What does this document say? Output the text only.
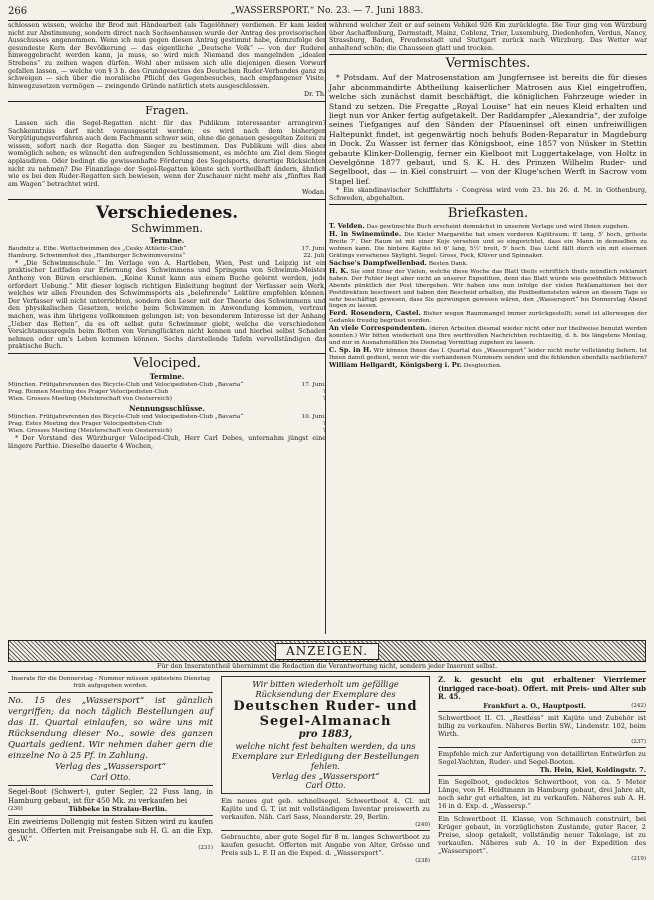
266	„WASSERSPORT.“ No. 23. — 7. Juni 1883.

schlossen wissen, welche ihr Brod mit Händearbeit (als Tagelöhner) verdienen. Er kam leider nicht zur Abstimmung, sondern direct nach Sachsenhausen wurde der Antrag des provisorischen Ausschusses angenommen. Wenn ich nun gegen diesen Antrag gestimmt habe, demzufolge der gesundeste Kern der Bevölkerung — das eigentliche „Deutsche Volk“ — von der Ruderei hinweggebracht werden kann, ja muss, so wird mich Niemand des mangelnden „idealen Strebens“ zu zeihen wagen dürfen. Wohl aber müssen sich alle diejenigen diesen Vorwurf gefallen lassen, — welche von § 3 b. des Grundgesetzes des Deutschen Ruder-Verbandes ganz zu schweigen — sich über die moralische Pflicht des Gegenbesuches, nach empfangener Visite, hinwegzusetzen vermögen — zwingende Gründe natürlich stets ausgeschlossen.

Dr. Th.
Fragen.

Lassen sich die Segel-Regatten nicht für das Publikum interessanter arrangiren? Sachkenntniss darf nicht vorausgesetzt werden; es wird nach dem bisherigen Vergütigungsverfahren auch dem Fachmann schwer sein, ohne die genauen gesegelten Zeiten zu wissen, sofort nach der Regatta den Sieger zu bestimmen. Das Publikum will dies aber womöglich sehen; es wünscht den aufregenden Schlussmoment, es möchte am Ziel dem Sieger applaudiren. Oder bedingt die gewissenhafte Förderung des Segelsports, derartige Rücksichten nicht zu nehmen? Die Finanzlage der Segel-Regatten könnte sich vortheilhaft ändern, ähnlich wie es bei den Ruder-Regatten sich bewiesen, wenn der Zuschauer nicht mehr als „fünftes Rad am Wagen“ betrachtet wird.

Wodan.
Verschiedenes.
Schwimmen.
Termine.
Baudnitz a. Elbe. Wettschwimmen des „Cesky Athletic-Club“	17. Juni.
Hamburg. Schwimmfest des „Hamburger Schwimmvereins“	22. Juli.

* „Die Schwimmschule.“ Im Verlage von A. Hartleben, Wien, Pest und Leipzig ist ein praktischer Leitfaden zur Erlernung des Schwimmens und Springens von Schwimm-Meister Anthony von Büren erschienen. „Keine Kunst kann aus einem Buche gelernt werden, jede erfordert Uebung.“ Mit dieser logisch richtigen Einleitung beginnt der Verfasser sein Werk, welches wir allen Freunden des Schwimmsports als „belehrende“ Lektüre empfehlen können. Der Verfasser will nicht unterrichten, sondern den Leser mit der Theorie des Schwimmens und den physikalischen Gesetzen, welche beim Schwimmen in Anwendung kommen, vertraut machen, was ihm übrigens vollkommen gelungen ist; von besonderem Interesse ist der Anhang „Ueber das Retten“, da es oft selbst gute Schwimmer giebt, welche die verschiedenen Vorsichtsmassregeln beim Retten von Verunglückten nicht kennen und hierbei selbst Schaden nehmen oder um's Leben kommen können. Sechs darstellende Tafeln vervollständigen das praktische Buch.

Velociped.
Termine.
München. Frühjahrsrennen des Bicycle-Club und Velocipedisten-Club „Bavaria“	17. Juni.
Prag. Rennen Meeting des Prager Velocipedisten-Club	?
Wien. Grosses Meeting (Meisterschaft von Oesterreich)	?
Nennungsschlüsse.
München. Frühjahrsrennen des Bicycle-Club und Velocipedisten-Club „Bavaria“	10. Juni.
Prag. Estes Meeting des Prager Velocipedisten-Club	?
Wien. Grosses Meeting (Meisterschaft von Oesterreich)	?

* Der Vorstand des Würzburger Velociped-Club, Herr Carl Debes, unternahm jüngst eine längere Parthie. Dieselbe dauerte 4 Wochen,

während welcher Zeit er auf seinem Vehikel 926 Km zurücklegte. Die Tour ging von Würzburg über Aschaffenburg, Darmstadt, Mainz, Coblenz, Trier, Luxemburg, Diedenhofen, Verdun, Nancy, Strassburg, Baden, Freudenstadt und Stuttgart zurück nach Würzburg. Das Wetter war anhaltend schön; die Chausseen glatt und trocken.

Vermischtes.

* Potsdam. Auf der Matrosenstation am Jungfernsee ist bereits die für dieses Jahr abcommandirte Abtheilung kaiserlicher Matrosen aus Kiel eingetroffen, welche sich zunächst damit beschäftigt, die königlichen Fahrzeuge wieder in Stand zu setzen. Die Fregatte „Royal Louise“ hat ein neues Kleid erhalten und liegt nun vor Anker fertig aufgetakelt. Der Raddampfer „Alexandria“, der zufolge seines Tiefganges auf den Sänden der Pfaueninsel oft einen unfreiwilligen Haltepunkt findet, ist gegenwärtig noch behufs Boden-Reparatur in Magdeburg in Dock. Zu Wasser ist ferner das Königsboot, eine 1857 von Nüsker in Stettin gebaute Klinker-Dollengig, ferner ein Kielboot mit Luggertakelage, von Holtz in Oevelgönne 1877 gebaut, und S. K. H. des Prinzen Wilhelm Ruder- und Segelboot, das — in Kiel construirt — von der Kluge'schen Werft in Sacrow vom Stapel lief.

* Ein skandinavischer Schifffahrts - Congress wird vom 23. bis 26. d. M. in Gothenburg, Schweden, abgehalten.

Briefkasten.
T. Velden. Das gewünschte Buch erscheint demnächst in unserem Verlage und wird Ihnen zugehen.
H. in Swinemünde. Die Kieler Margarethe hat einen vorderen Kajütraum; 8' lang, 5' hoch, grösste Breite 7'. Der Raum ist mit einer Koje versehen und so eingerichtet, dass ein Mann in demselben zu wohnen kann. Die hintere Kajüte ist 6' lang, 5½' breit, 5' hoch. Das Licht fällt durch ein mit eisernen Grätings versehenes Skylight. Segel: Gross, Fock, Klüver und Spinnaker.
Sachse's Dampfwellenbad. Besten Dank.
H. K. Sie sind Einer der Vielen, welche diese Woche das Blatt theils schriftlich theils mündlich reklamirt haben. Der Fehler liegt aber nicht an unserer Expedition, denn das Blatt wurde wie gewöhnlich Mittwoch Abends pünktlich der Post übergeben. Wir haben uns nun infolge der vielen Reklamationen bei der Postdirektion beschwert und haben den Bescheid erhalten, die Postbediensteten wären an diesem Tage so sehr beschäftigt gewesen, dass Sie gezwungen gewesen wären, den „Wassersport“ bis Donnerstag Abend liegen zu lassen.
Ferd. Rosendorn, Castel. Bisher wegen Raummangel immer zurückgestellt; sonst ist allerwegen der Gedanke freudig begrüsst worden.
An viele Correspondenten. (deren Arbeiten diesmal wieder nicht oder nur theilweise benutzt werden konnten.) Wir bitten wiederholt uns Ihre werthvollen Nachrichten rechtzeitig, d. h. bis längstens Montag, und nur in Ausnahmsfällen bis Dienstag Vormittag zugehen zu lassen.
C. Sp. in H. Wir können Ihnen das I. Quartal des „Wassersport“ leider nicht mehr vollständig liefern. Ist Ihnen damit gedient, wenn wir die vorhandenen Nummern senden und die fehlenden ebenfalls nachliefern?
William Hellgardt, Königsberg i. Pr. Desgleichen.
ANZEIGEN.
Für den Inseratentheil übernimmt die Redaction die Verantwortung nicht, sondern jeder Inserent selbst.
Inserate für die Donnerstag - Nummer müssen spätestens Dienstag früh aufgegeben werden.
No. 15 des „Wassersport“ ist gänzlich vergriffen; da noch täglich Bestellungen auf das II. Quartal einlaufen, so wäre uns mit Rücksendung dieser No., sowie des ganzen Quartals gedient. Wir nehmen daher gern die einzelne No à 25 Pf. in Zahlung.
Verlag des „Wassersport“
Carl Otto.
Segel-Boot (Schwert-), guter Segler, 22 Fuss lang, in Hamburg gebaut, ist für 450 Mk. zu verkaufen bei
(230)	Tübbeke in Stralau-Berlin.
Ein zweiriems Dollengig mit festen Sitzen wird zu kaufen gesucht. Offerten mit Preisangabe sub H. G. an die Exp. d. „W.“
(231)
Wir bitten wiederholt um gefällige Rücksendung der Exemplare des
Deutschen Ruder- und Segel-Almanach
pro 1883,
welche nicht fest behalten werden, da uns Exemplare zur Erledigung der Bestellungen fehlen.
Verlag des „Wassersport“
Carl Otto.
Ein neues gut geb. schnellsegel. Schwertboot 4. Cl. mit Kajüte und G. T. ist mit vollständigem Inventar preiswerth zu verkaufen. Näh. Carl Sass, Neanderstr. 29, Berlin.
(240)
Gebrauchte, aber gute Segel für 8 m. langes Schwertboot zu kaufen gesucht. Offerten mit Angabe von Alter, Grösse und Preis sub L. F. II an die Exped. d. „Wassersport“.
(238)
Z. k. gesucht ein gut erhaltener Vierriemer (inrigged race-boat). Offert. mit Preis- und Alter sub R. 45.
Frankfurt a. O., Hauptpostl.	(242)
Schwertboot II. Cl. „Restless“ mit Kajüte und Zubehör ist billig zu verkaufen. Näheres Berlin SW., Lindenstr. 102, beim Wirth.
(237)
Empfehle mich zur Anfertigung von detaillirten Entwürfen zu Segel-Yachten, Ruder- und Segel-Booten.
Th. Hein, Kiel, Koldingstr. 7.
Ein Segelboot, gedecktes Schwertboot, von ca. 5 Meter Länge, von H. Heidtmann in Hamburg gebaut, drei Jahre alt, noch sehr gut erhalten, ist zu verkaufen. Näheres sub A. H. 16 in d. Exp. d. „Wassersp.“
Ein Schwertboot II. Klasse, von Schmauch construirt, bei Krüger gebaut, in vorzüglichsten Zustande, guter Racer, 2 Preise, sloop getakelt, vollständig neuer Takelage, ist zu verkaufen. Näheres sub A. 10 in der Expedition des „Wassersport“.
(219)
